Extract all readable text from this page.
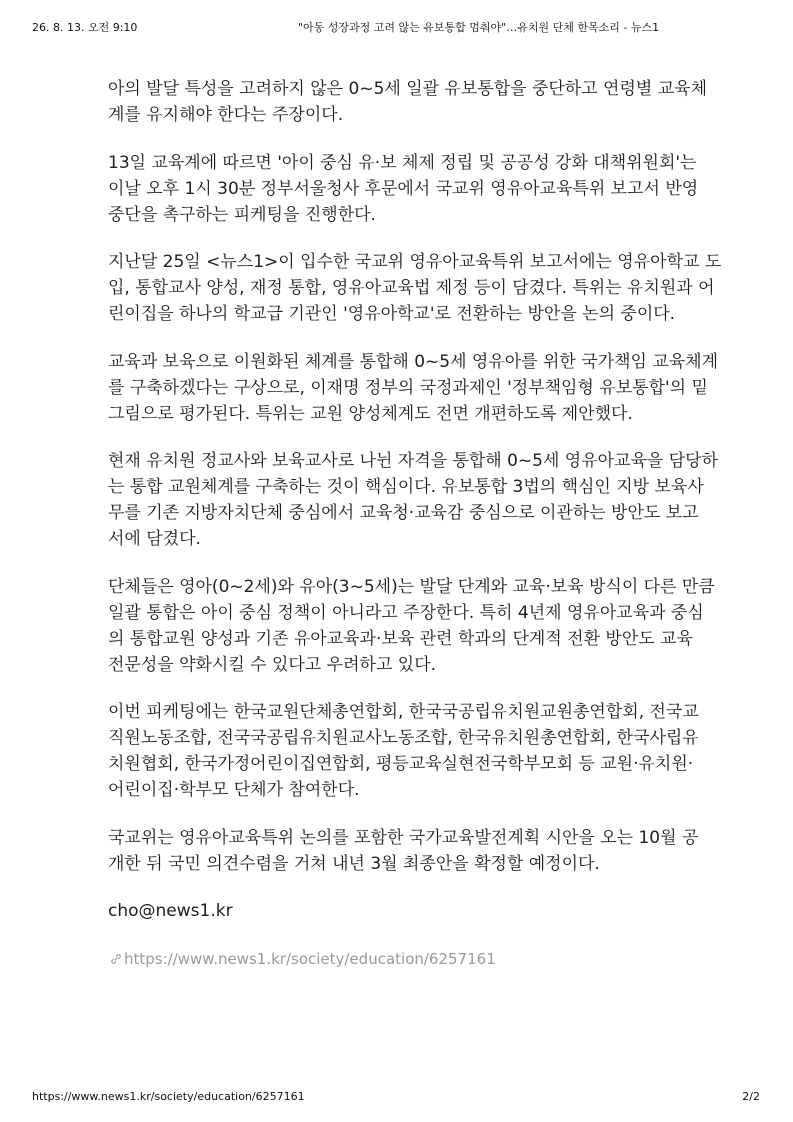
26. 8. 13. 오전 9:10	"아동 성장과정 고려 않는 유보통합 멈춰야"…유치원 단체 한목소리 - 뉴스1
아의 발달 특성을 고려하지 않은 0~5세 일괄 유보통합을 중단하고 연령별 교육체
계를 유지해야 한다는 주장이다.
13일 교육계에 따르면 '아이 중심 유·보 체제 정립 및 공공성 강화 대책위원회'는
이날 오후 1시 30분 정부서울청사 후문에서 국교위 영유아교육특위 보고서 반영
중단을 촉구하는 피케팅을 진행한다.
지난달 25일 <뉴스1>이 입수한 국교위 영유아교육특위 보고서에는 영유아학교 도
입, 통합교사 양성, 재정 통합, 영유아교육법 제정 등이 담겼다. 특위는 유치원과 어
린이집을 하나의 학교급 기관인 '영유아학교'로 전환하는 방안을 논의 중이다.
교육과 보육으로 이원화된 체계를 통합해 0~5세 영유아를 위한 국가책임 교육체계
를 구축하겠다는 구상으로, 이재명 정부의 국정과제인 '정부책임형 유보통합'의 밑
그림으로 평가된다. 특위는 교원 양성체계도 전면 개편하도록 제안했다.
현재 유치원 정교사와 보육교사로 나뉜 자격을 통합해 0~5세 영유아교육을 담당하
는 통합 교원체계를 구축하는 것이 핵심이다. 유보통합 3법의 핵심인 지방 보육사
무를 기존 지방자치단체 중심에서 교육청·교육감 중심으로 이관하는 방안도 보고
서에 담겼다.
단체들은 영아(0~2세)와 유아(3~5세)는 발달 단계와 교육·보육 방식이 다른 만큼
일괄 통합은 아이 중심 정책이 아니라고 주장한다. 특히 4년제 영유아교육과 중심
의 통합교원 양성과 기존 유아교육과·보육 관련 학과의 단계적 전환 방안도 교육
전문성을 약화시킬 수 있다고 우려하고 있다.
이번 피케팅에는 한국교원단체총연합회, 한국국공립유치원교원총연합회, 전국교
직원노동조합, 전국국공립유치원교사노동조합, 한국유치원총연합회, 한국사립유
치원협회, 한국가정어린이집연합회, 평등교육실현전국학부모회 등 교원·유치원·
어린이집·학부모 단체가 참여한다.
국교위는 영유아교육특위 논의를 포함한 국가교육발전계획 시안을 오는 10월 공
개한 뒤 국민 의견수렴을 거쳐 내년 3월 최종안을 확정할 예정이다.
cho@news1.kr
https://www.news1.kr/society/education/6257161
https://www.news1.kr/society/education/6257161	2/2
